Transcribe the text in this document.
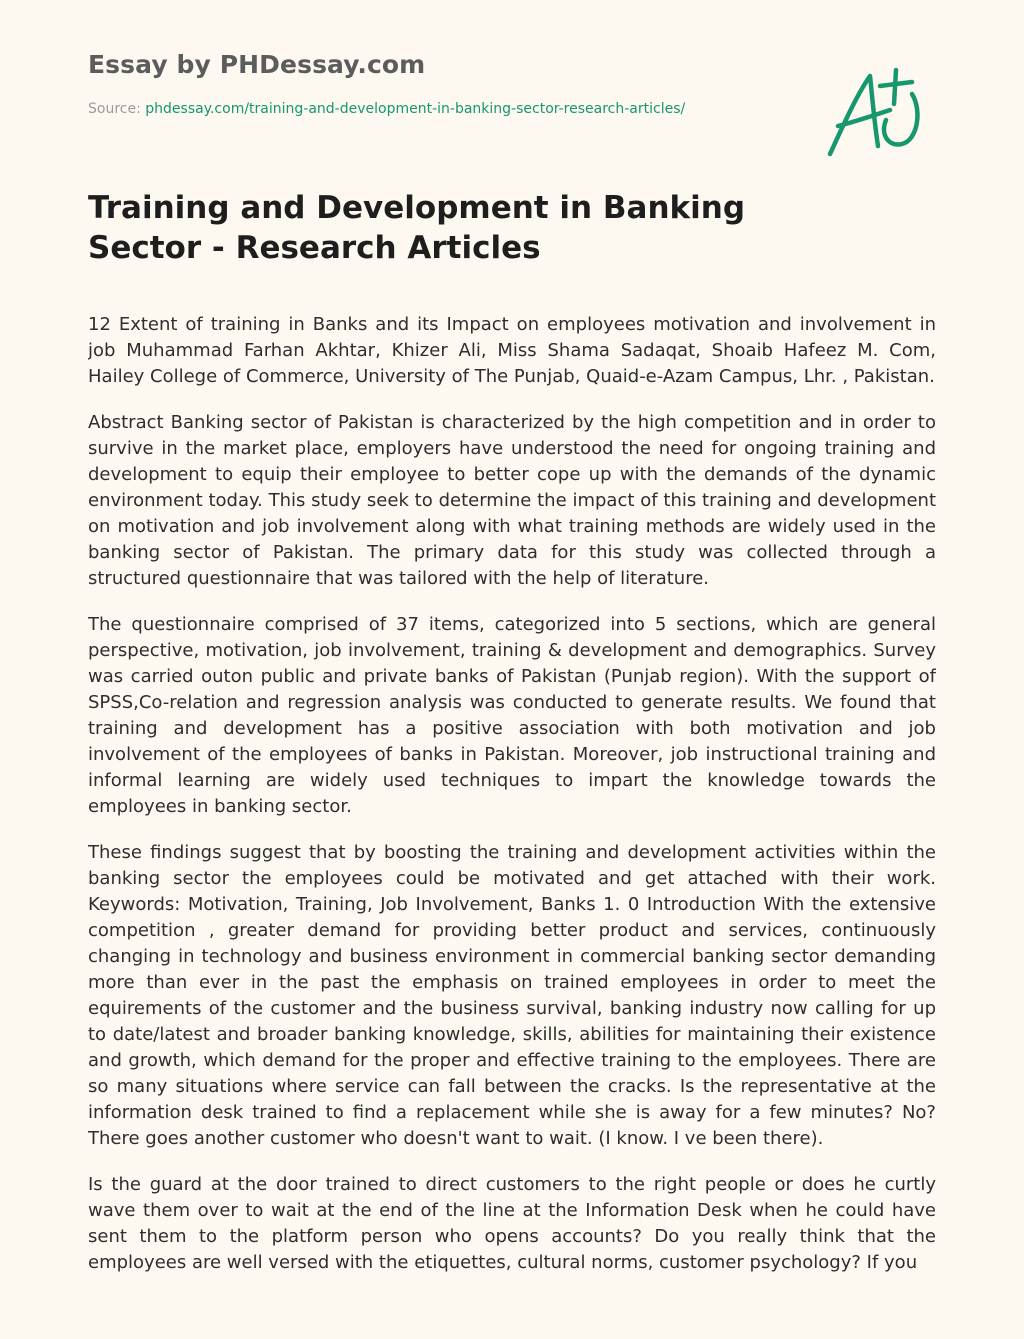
Essay by PHDessay.com
Source: phdessay.com/training-and-development-in-banking-sector-research-articles/
Training and Development in Banking Sector - Research Articles

12 Extent of training in Banks and its Impact on employees motivation and involvement in job Muhammad Farhan Akhtar, Khizer Ali, Miss Shama Sadaqat, Shoaib Hafeez M. Com, Hailey College of Commerce, University of The Punjab, Quaid-e-Azam Campus, Lhr. , Pakistan.

Abstract Banking sector of Pakistan is characterized by the high competition and in order to survive in the market place, employers have understood the need for ongoing training and development to equip their employee to better cope up with the demands of the dynamic environment today. This study seek to determine the impact of this training and development on motivation and job involvement along with what training methods are widely used in the banking sector of Pakistan. The primary data for this study was collected through a structured questionnaire that was tailored with the help of literature.

The questionnaire comprised of 37 items, categorized into 5 sections, which are general perspective, motivation, job involvement, training & development and demographics. Survey was carried outon public and private banks of Pakistan (Punjab region). With the support of SPSS,Co-relation and regression analysis was conducted to generate results. We found that training and development has a positive association with both motivation and job involvement of the employees of banks in Pakistan. Moreover, job instructional training and informal learning are widely used techniques to impart the knowledge towards the employees in banking sector.

These findings suggest that by boosting the training and development activities within the banking sector the employees could be motivated and get attached with their work. Keywords: Motivation, Training, Job Involvement, Banks 1. 0 Introduction With the extensive competition , greater demand for providing better product and services, continuously changing in technology and business environment in commercial banking sector demanding more than ever in the past the emphasis on trained employees in order to meet the equirements of the customer and the business survival, banking industry now calling for up to date/latest and broader banking knowledge, skills, abilities for maintaining their existence and growth, which demand for the proper and effective training to the employees. There are so many situations where service can fall between the cracks. Is the representative at the information desk trained to find a replacement while she is away for a few minutes? No? There goes another customer who doesn't want to wait. (I know. I ve been there).

Is the guard at the door trained to direct customers to the right people or does he curtly wave them over to wait at the end of the line at the Information Desk when he could have sent them to the platform person who opens accounts? Do you really think that the employees are well versed with the etiquettes, cultural norms, customer psychology? If you
